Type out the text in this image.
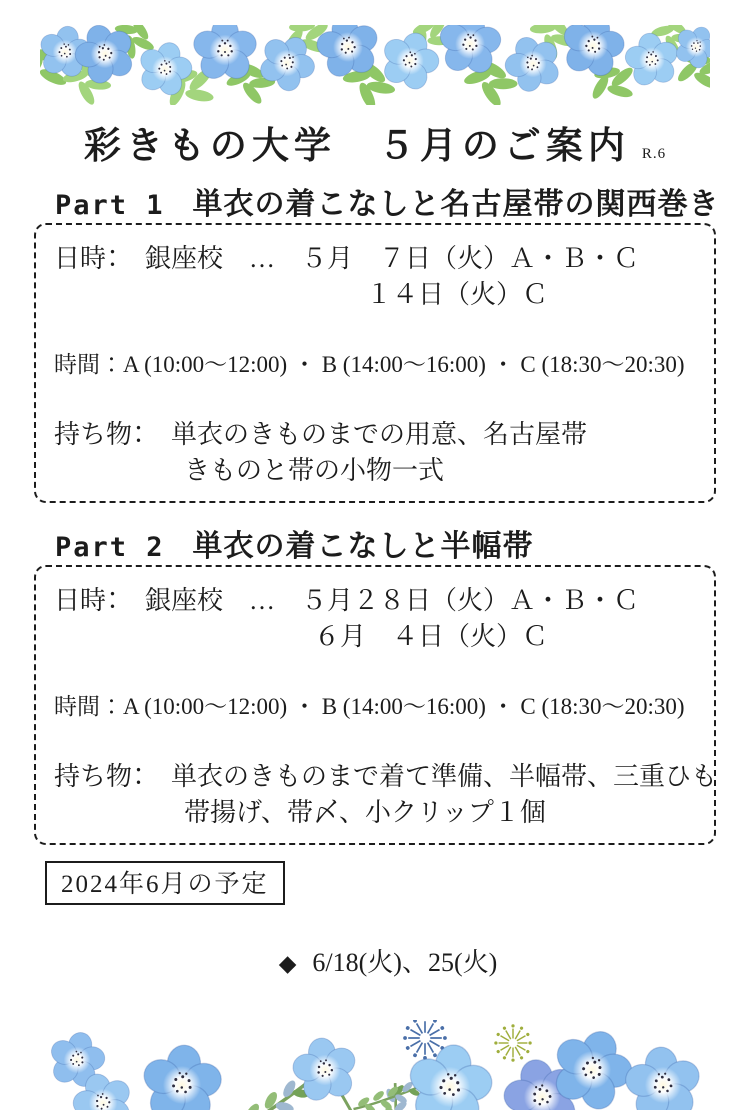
彩きもの大学　５月のご案内 R.6
Part 1 単衣の着こなしと名古屋帯の関西巻き
日時：　銀座校　…　５月　７日（火）Ａ・Ｂ・Ｃ
　　　　　　　　　　　　１４日（火）Ｃ
時間：A (10:00～12:00) ・ B (14:00～16:00) ・ C (18:30～20:30)
持ち物：　単衣のきものまでの用意、名古屋帯
　　　　　きものと帯の小物一式
Part 2 単衣の着こなしと半幅帯
日時：　銀座校　…　５月２８日（火）Ａ・Ｂ・Ｃ
　　　　　　　　　　６月　４日（火）Ｃ
時間：A (10:00～12:00) ・ B (14:00～16:00) ・ C (18:30～20:30)
持ち物：　単衣のきものまで着て準備、半幅帯、三重ひも
　　　　　帯揚げ、帯〆、小クリップ１個
2024年6月の予定

◆ 6/18(火)、25(火)
